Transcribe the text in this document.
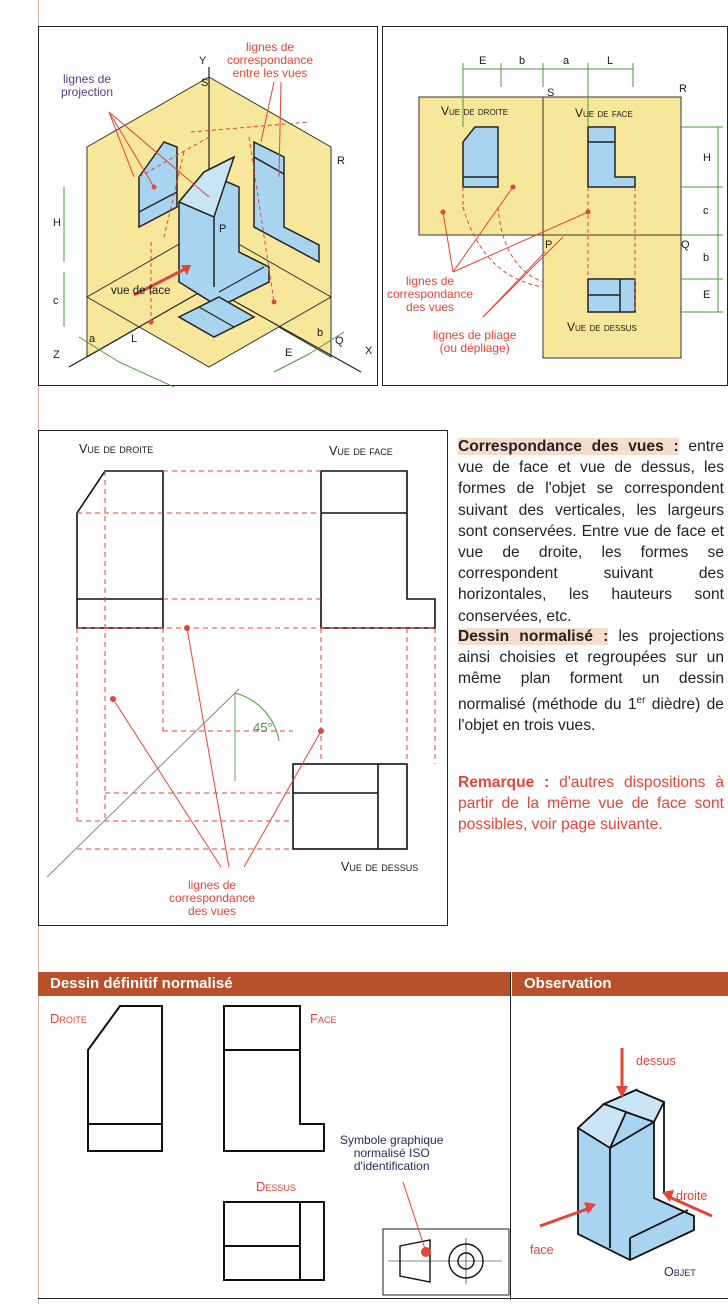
lignes de
projection
lignes de
correspondance
entre les vues
vue de face
Y
S
R
P
Q
X
Z
H
c
a	L	b
E
Vue de droite	Vue de face
Vue de dessus
lignes de
correspondance
des vues
lignes de pliage
(ou dépliage)
S	R
P	Q
E	b	a	L
H
c
b
E
Vue de droite	Vue de face
Vue de dessus
45°
lignes de
correspondance
des vues
Correspondance des vues : entre vue de face et vue de dessus, les formes de l'objet se correspondent suivant des verticales, les largeurs sont conservées. Entre vue de face et vue de droite, les formes se correspondent suivant des horizontales, les hauteurs sont conservées, etc.
Dessin normalisé : les projections ainsi choisies et regroupées sur un même plan forment un dessin normalisé (méthode du 1er dièdre) de l'objet en trois vues.
Remarque : d'autres dispositions à partir de la même vue de face sont possibles, voir page suivante.
Dessin définitif normalisé	Observation
Droite	Face
Dessus
Symbole graphique
normalisé ISO
d'identification
dessus
droite
face
Objet
